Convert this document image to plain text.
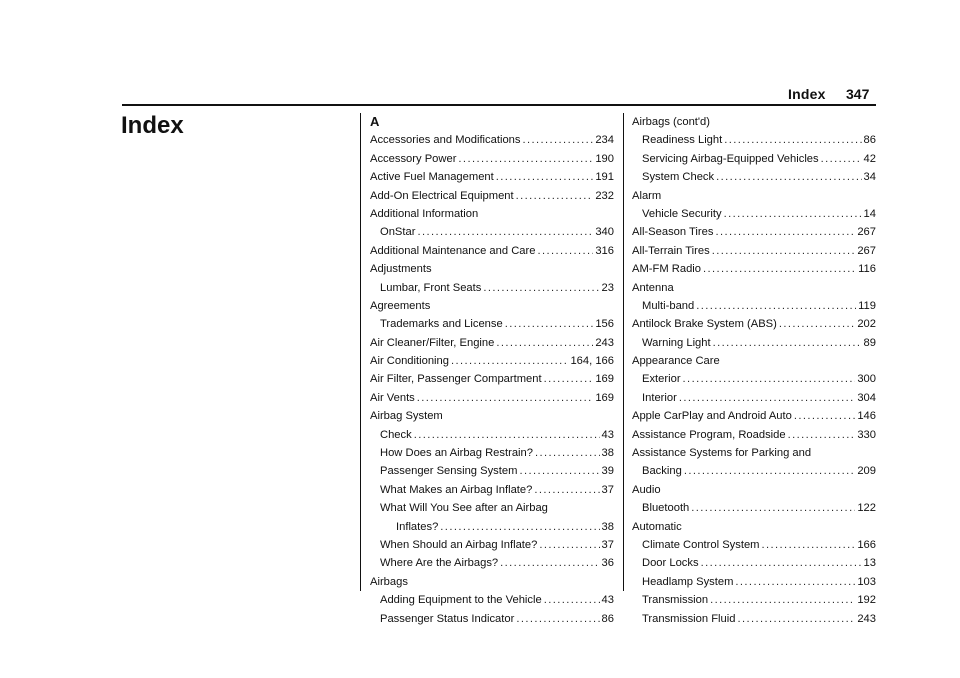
Index 347
Index	A
Accessories and Modifications .....	234
Accessory Power .....	190
Active Fuel Management .....	191
Add-On Electrical Equipment .....	232
Additional Information
OnStar .....	340
Additional Maintenance and Care .....	316
Adjustments
Lumbar, Front Seats .....	23
Agreements
Trademarks and License .....	156
Air Cleaner/Filter, Engine .....	243
Air Conditioning .....	164, 166
Air Filter, Passenger Compartment .....	169
Air Vents .....	169
Airbag System
Check .....	43
How Does an Airbag Restrain? .....	38
Passenger Sensing System .....	39
What Makes an Airbag Inflate? .....	37
What Will You See after an Airbag
Inflates? .....	38
When Should an Airbag Inflate? .....	37
Where Are the Airbags? .....	36
Airbags
Adding Equipment to the Vehicle .....	43
Passenger Status Indicator .....	86
Airbags (cont'd)
Readiness Light .....	86
Servicing Airbag-Equipped Vehicles .....	42
System Check .....	34
Alarm
Vehicle Security .....	14
All-Season Tires .....	267
All-Terrain Tires .....	267
AM-FM Radio .....	116
Antenna
Multi-band .....	119
Antilock Brake System (ABS) .....	202
Warning Light .....	89
Appearance Care
Exterior .....	300
Interior .....	304
Apple CarPlay and Android Auto .....	146
Assistance Program, Roadside .....	330
Assistance Systems for Parking and
Backing .....	209
Audio
Bluetooth .....	122
Automatic
Climate Control System .....	166
Door Locks .....	13
Headlamp System .....	103
Transmission .....	192
Transmission Fluid .....	243
